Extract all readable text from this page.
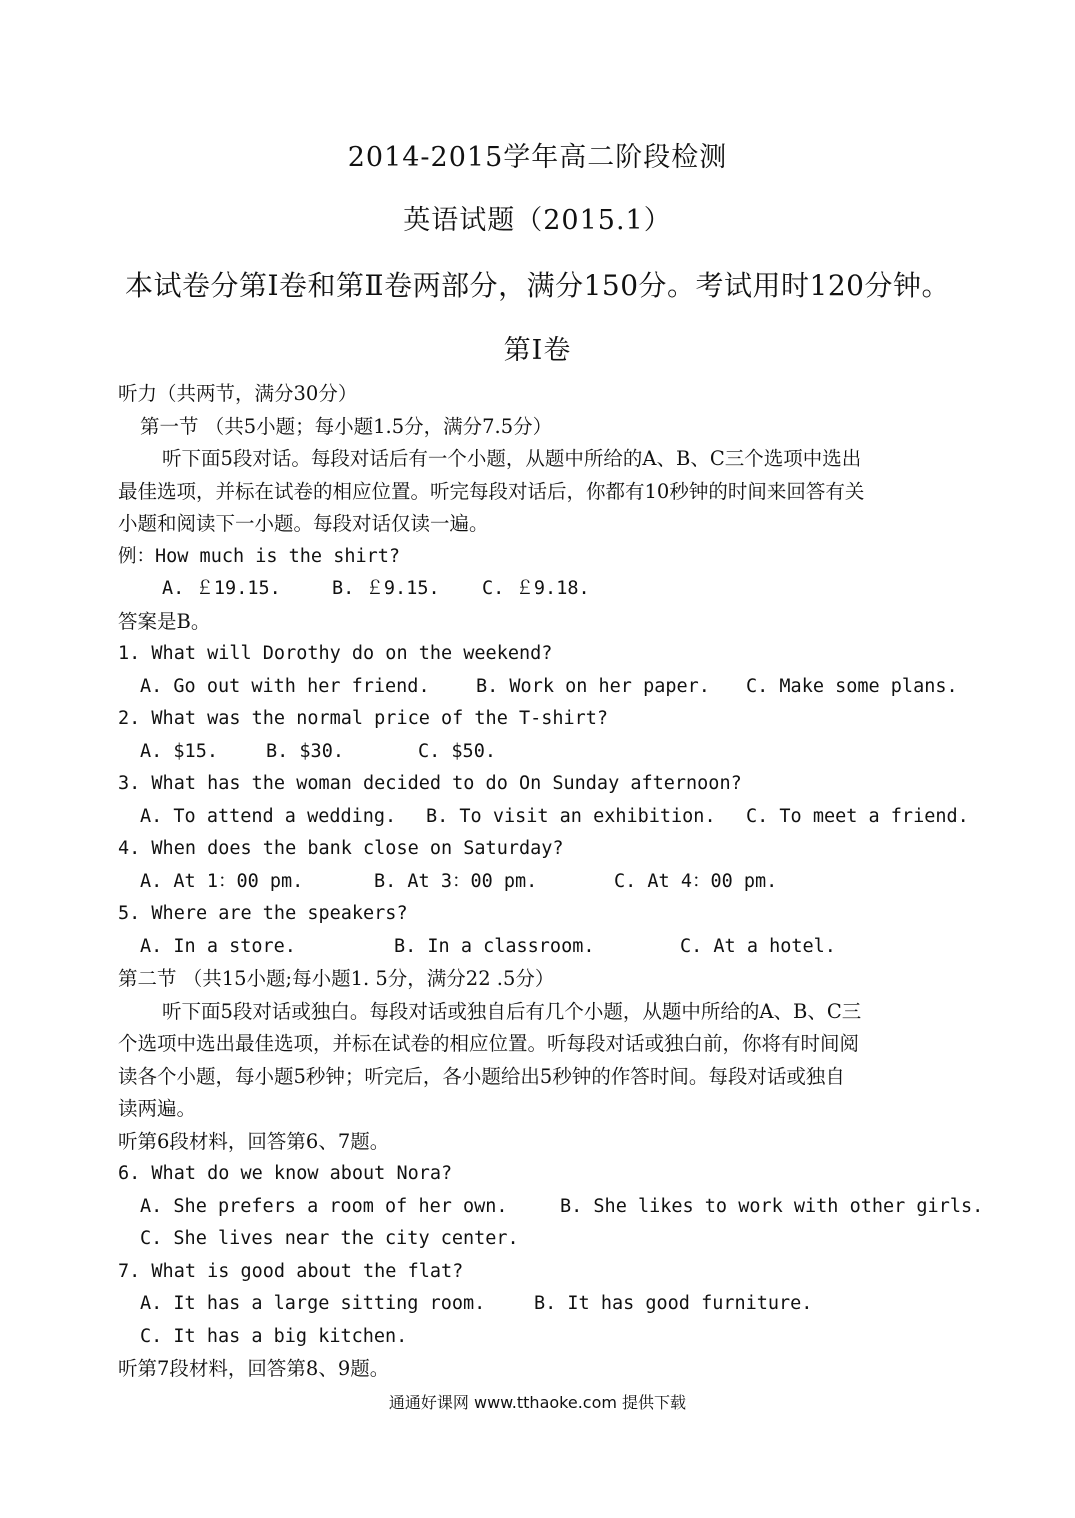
2014-2015学年高二阶段检测
英语试题（2015.1）
本试卷分第Ⅰ卷和第Ⅱ卷两部分，满分150分。考试用时120分钟。
第Ⅰ卷
听力（共两节，满分30分）
第一节 （共5小题；每小题1.5分，满分7.5分）
听下面5段对话。每段对话后有一个小题，从题中所给的A、B、C三个选项中选出
最佳选项，并标在试卷的相应位置。听完每段对话后，你都有10秒钟的时间来回答有关
小题和阅读下一小题。每段对话仅读一遍。
例：How much is the shirt?
A. ￡19.15.	B. ￡9.15. C. ￡9.18.
答案是B。
1. What will Dorothy do on the weekend?
A. Go out with her friend.	B. Work on her paper. C. Make some plans.
2. What was the normal price of the T-shirt?
A. $15.	B. $30.	C. $50.
3. What has the woman decided to do On Sunday afternoon?
A. To attend a wedding. B. To visit an exhibition. C. To meet a friend.
4. When does the bank close on Saturday?
A. At 1：00 pm.	B. At 3：00 pm.	C. At 4：00 pm.
5. Where are the speakers?
A. In a store.	B. In a classroom.	C. At a hotel.
第二节 （共15小题;每小题1. 5分，满分22 .5分）
听下面5段对话或独白。每段对话或独自后有几个小题，从题中所给的A、B、C三
个选项中选出最佳选项，并标在试卷的相应位置。听每段对话或独白前，你将有时间阅
读各个小题，每小题5秒钟；听完后，各小题给出5秒钟的作答时间。每段对话或独自
读两遍。
听第6段材料，回答第6、7题。
6. What do we know about Nora?
A. She prefers a room of her own.	B. She likes to work with other girls.
C. She lives near the city center.
7. What is good about the flat?
A. It has a large sitting room.	B. It has good furniture.
C. It has a big kitchen.
听第7段材料，回答第8、9题。
通通好课网 www.tthaoke.com 提供下载
